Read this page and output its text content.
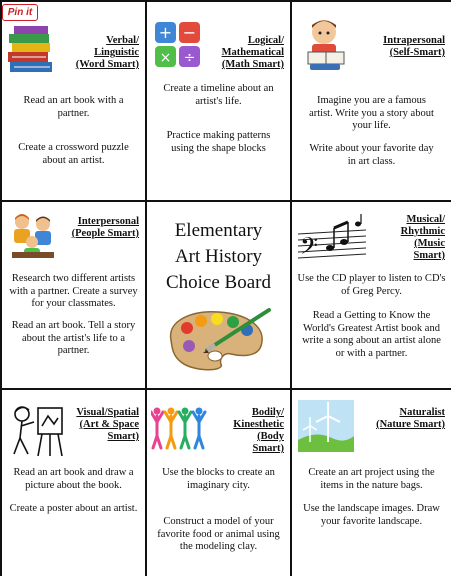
Verbal/
Linguistic
(Word Smart)
Read an art book with a partner.
Create a crossword puzzle about an artist.
+ −
× ÷
Logical/
Mathematical
(Math Smart)
Create a timeline about an artist's life.
Practice making patterns using the shape blocks
Intrapersonal
(Self-Smart)
Imagine you are a famous artist. Write you a story about your life.
Write about your favorite day in art class.
Interpersonal
(People Smart)
Research two different artists with a partner. Create a survey for your classmates.
Read an art book. Tell a story about the artist's life to a partner.
Elementary
Art History
Choice Board
𝄢
Musical/
Rhythmic
(Music
Smart)
Use the CD player to listen to CD's of Greg Percy.
Read a Getting to Know the World's Greatest Artist book and write a song about an artist alone or with a partner.
Visual/Spatial
(Art & Space
Smart)
Read an art book and draw a picture about the book.
Create a poster about an artist.
Bodily/
Kinesthetic
(Body
Smart)
Use the blocks to create an imaginary city.
Construct a model of your favorite food or animal using the modeling clay.
Naturalist
(Nature Smart)
Create an art project using the items in the nature bags.
Use the landscape images. Draw your favorite landscape.
Pin it
